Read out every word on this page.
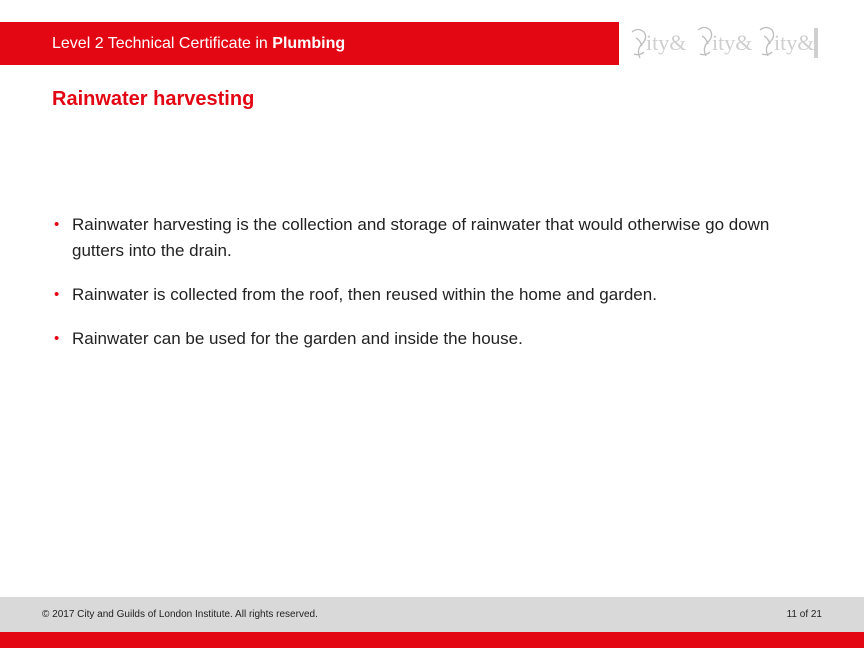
Level 2 Technical Certificate in Plumbing	ity& ity& ity&
Rainwater harvesting
• Rainwater harvesting is the collection and storage of rainwater that would otherwise go down gutters into the drain.
• Rainwater is collected from the roof, then reused within the home and garden.
• Rainwater can be used for the garden and inside the house.
© 2017 City and Guilds of London Institute. All rights reserved.	11 of 21
